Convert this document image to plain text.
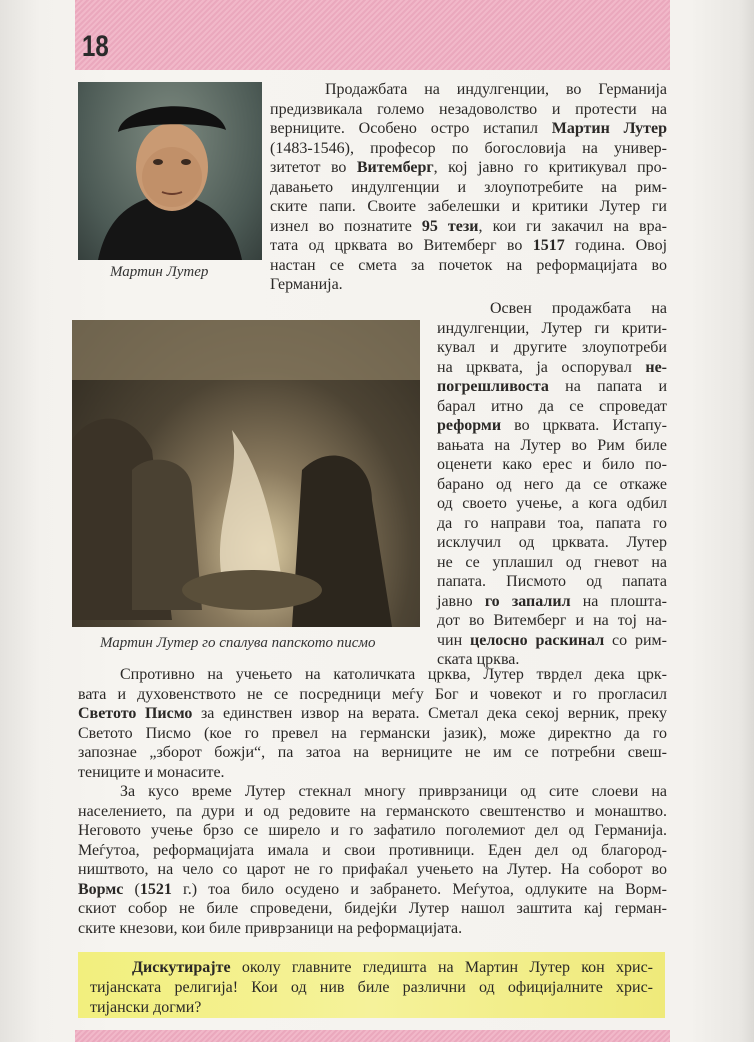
18
Мартин Лутер
Мартин Лутер го спалува папското писмо
Продажбата на индулгенции, во Германија
предизвикала големо незадоволство и протести на
верниците. Особено остро истапил Мартин Лутер
(1483-1546), професор по богословија на универ-
зитетот во Витемберг, кој јавно го критикувал про-
давањето индулгенции и злоупотребите на рим-
ските папи. Своите забелешки и критики Лутер ги
изнел во познатите 95 тези, кои ги закачил на вра-
тата од црквата во Витемберг во 1517 година. Овој
настан се смета за почеток на реформацијата во
Германија.
Освен продажбата на
индулгенции, Лутер ги крити-
кувал и другите злоупотреби
на црквата, ја оспорувал не-
погрешливоста на папата и
барал итно да се спроведат
реформи во црквата. Истапу-
вањата на Лутер во Рим биле
оценети како ерес и било по-
барано од него да се откаже
од своето учење, а кога одбил
да го направи тоа, папата го
исклучил од црквата. Лутер
не се уплашил од гневот на
папата. Писмото од папата
јавно го запалил на плошта-
дот во Витемберг и на тој на-
чин целосно раскинал со рим-
ската црква.
Спротивно на учењето на католичката црква, Лутер тврдел дека црк-
вата и духовенството не се посредници меѓу Бог и човекот и го прогласил
Светото Писмо за единствен извор на верата. Сметал дека секој верник, преку
Светото Писмо (кое го превел на германски јазик), може директно да го
запознае „зборот божји“, па затоа на верниците не им се потребни свеш-
тениците и монасите.
За кусо време Лутер стекнал многу приврзаници од сите слоеви на
населението, па дури и од редовите на германското свештенство и монаштво.
Неговото учење брзо се ширело и го зафатило поголемиот дел од Германија.
Меѓутоа, реформацијата имала и свои противници. Еден дел од благород-
ништвото, на чело со царот не го прифаќал учењето на Лутер. На соборот во
Вормс (1521 г.) тоа било осудено и забрането. Меѓутоа, одлуките на Ворм-
скиот собор не биле спроведени, бидејќи Лутер нашол заштита кај герман-
ските кнезови, кои биле приврзаници на реформацијата.
Дискутирајте околу главните гледишта на Мартин Лутер кон хрис-
тијанската религија! Кои од нив биле различни од официјалните хрис-
тијански догми?
